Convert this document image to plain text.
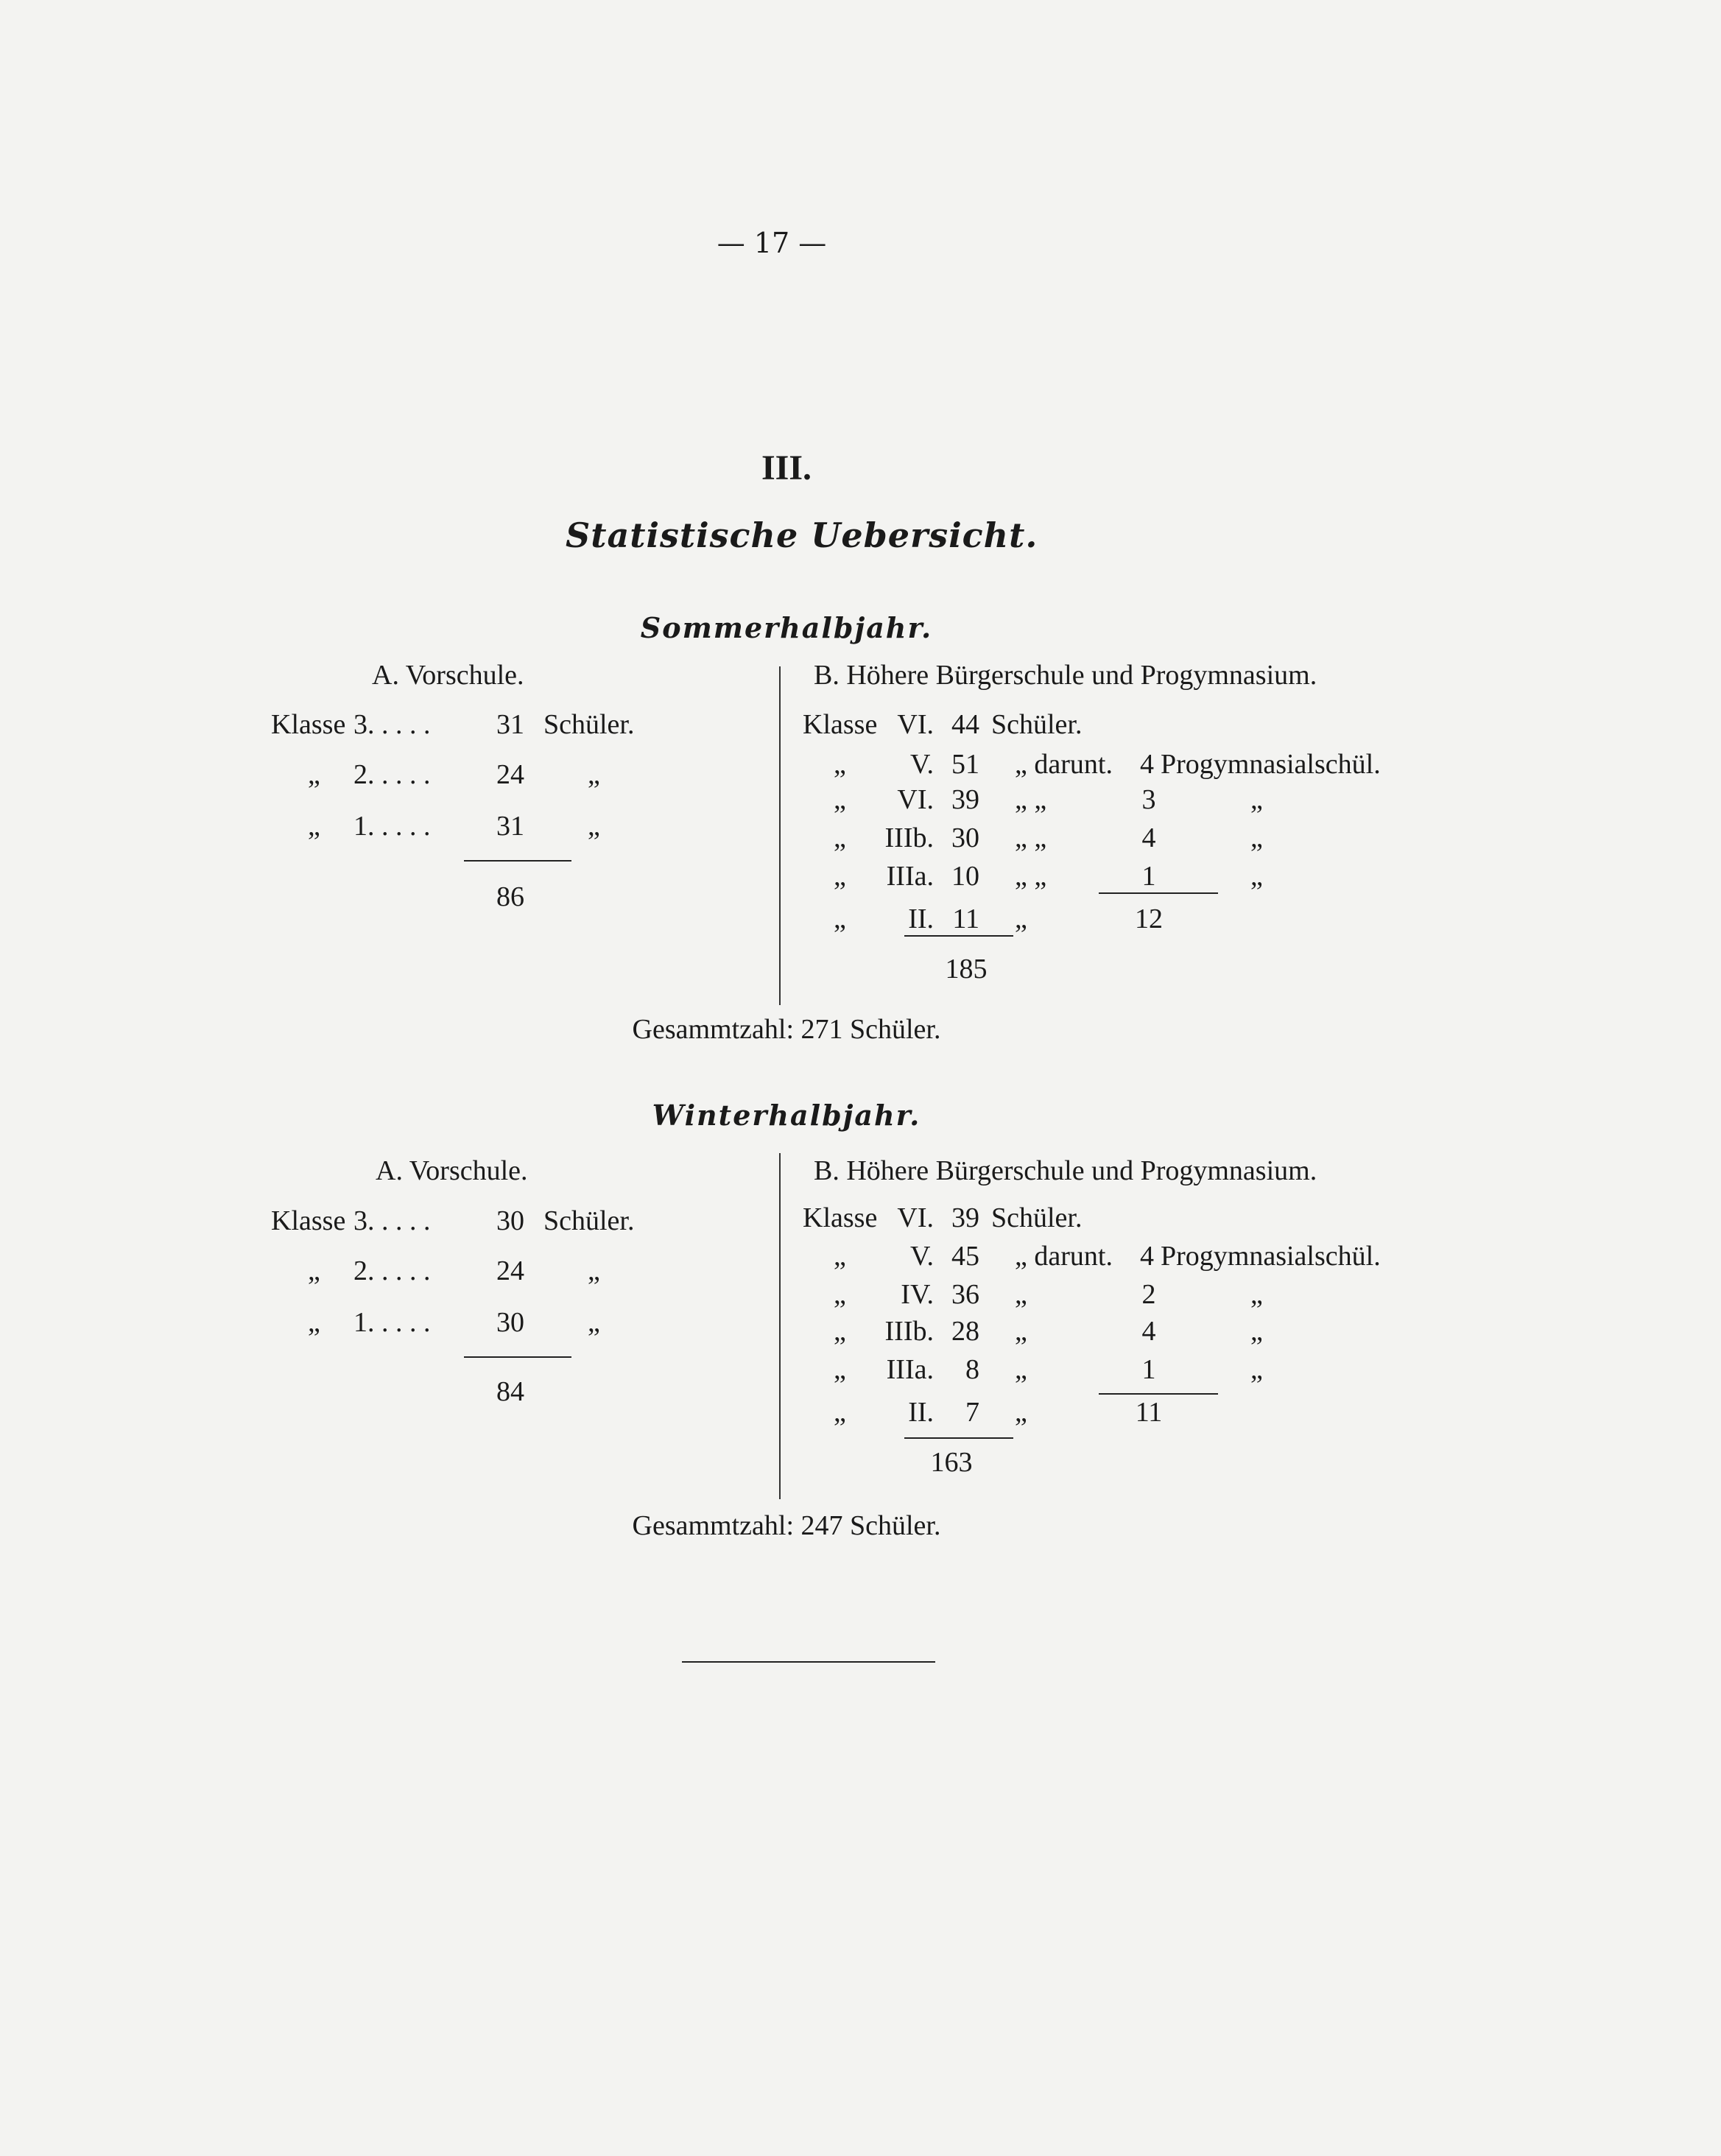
— 17 —
III.
Statistische Uebersicht.
Sommerhalbjahr.
A. Vorschule.	B. Höhere Bürgerschule und Progymnasium.
Klasse 3. . . . .	31 Schüler.
„ 2. . . . .	24 „
„ 1. . . . .	31 „
86
Klasse VI. 44 Schüler.
„	V. 51 „ darunt. 4 Progymnasialschül.
„	VI. 39 „ „	3	„
„	IIIb. 30 „ „	4	„
„	IIIa. 10 „ „	1	„
„	II. 11 „	12
185
Gesammtzahl: 271 Schüler.
Winterhalbjahr.
A. Vorschule.	B. Höhere Bürgerschule und Progymnasium.
Klasse 3. . . . .	30 Schüler.
„ 2. . . . .	24 „
„ 1. . . . .	30 „
84
Klasse VI. 39 Schüler.
„	V. 45 „ darunt. 4 Progymnasialschül.
„	IV. 36 „	2	„
„	IIIb. 28 „	4	„
„	IIIa.	8 „	1	„
„	II.	7 „	11
163
Gesammtzahl: 247 Schüler.
